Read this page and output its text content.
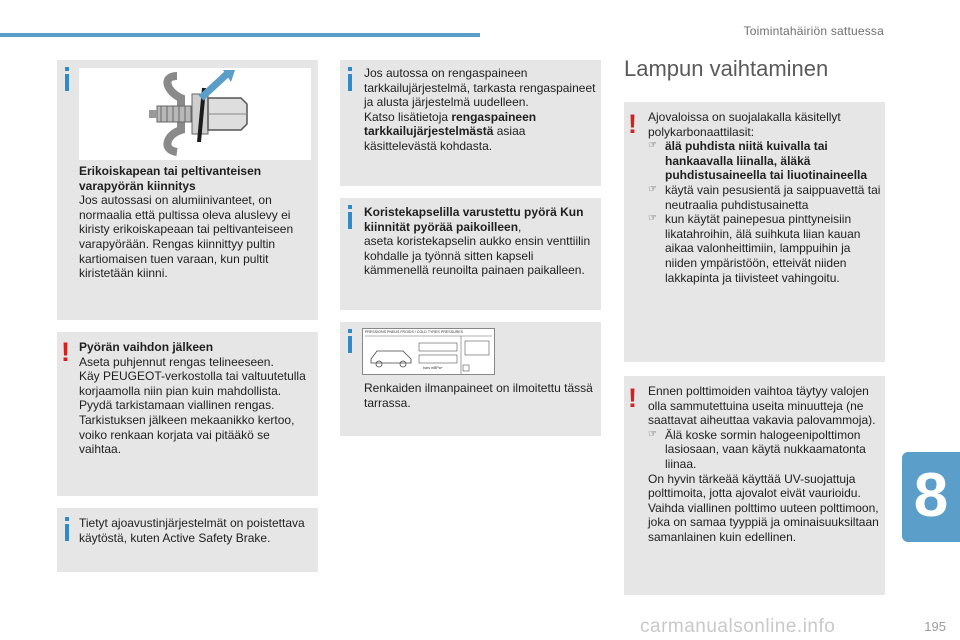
Toimintahäiriön sattuessa
Erikoiskapean tai peltivanteisen varapyörän kiinnitys
Jos autossasi on alumiinivanteet, on normaalia että pultissa oleva aluslevy ei kiristy erikoiskapeaan tai peltivanteiseen varapyörään. Rengas kiinnittyy pultin kartiomaisen tuen varaan, kun pultit kiristetään kiinni.
! Pyörän vaihdon jälkeen
Aseta puhjennut rengas telineeseen.
Käy PEUGEOT-verkostolla tai valtuutetulla korjaamolla niin pian kuin mahdollista.
Pyydä tarkistamaan viallinen rengas.
Tarkistuksen jälkeen mekaanikko kertoo, voiko renkaan korjata vai pitääkö se vaihtaa.
Tietyt ajoavustinjärjestelmät on poistettava käytöstä, kuten Active Safety Brake.
Jos autossa on rengaspaineen tarkkailujärjestelmä, tarkasta rengaspaineet ja alusta järjestelmä uudelleen.
Katso lisätietoja rengaspaineen tarkkailujärjestelmästä asiaa käsittelevästä kohdasta.
Koristekapselilla varustettu pyörä Kun kiinnität pyörää paikoilleen,
aseta koristekapselin aukko ensin venttiilin kohdalle ja työnnä sitten kapseli kämmenellä reunoilta painaen paikalleen.
PRESSIONS PNEUS FROIDS / COLD TYRES PRESSURES
bars mBPa+
Renkaiden ilmanpaineet on ilmoitettu tässä tarrassa.
Lampun vaihtaminen
! Ajovaloissa on suojalakalla käsitellyt polykarbonaattilasit:
☞ älä puhdista niitä kuivalla tai hankaavalla liinalla, äläkä puhdistusaineella tai liuotinaineella
☞ käytä vain pesusientä ja saippuavettä tai neutraalia puhdistusainetta
☞ kun käytät painepesua pinttyneisiin likatahroihin, älä suihkuta liian kauan aikaa valonheittimiin, lamppuihin ja niiden ympäristöön, etteivät niiden lakkapinta ja tiivisteet vahingoitu.
! Ennen polttimoiden vaihtoa täytyy valojen olla sammutettuina useita minuutteja (ne saattavat aiheuttaa vakavia palovammoja).
☞ Älä koske sormin halogeenipolttimon lasiosaan, vaan käytä nukkaamatonta liinaa.
On hyvin tärkeää käyttää UV-suojattuja polttimoita, jotta ajovalot eivät vaurioidu.
Vaihda viallinen polttimo uuteen polttimoon, joka on samaa tyyppiä ja ominaisuuksiltaan samanlainen kuin edellinen.
8
195
carmanualsonline.info
